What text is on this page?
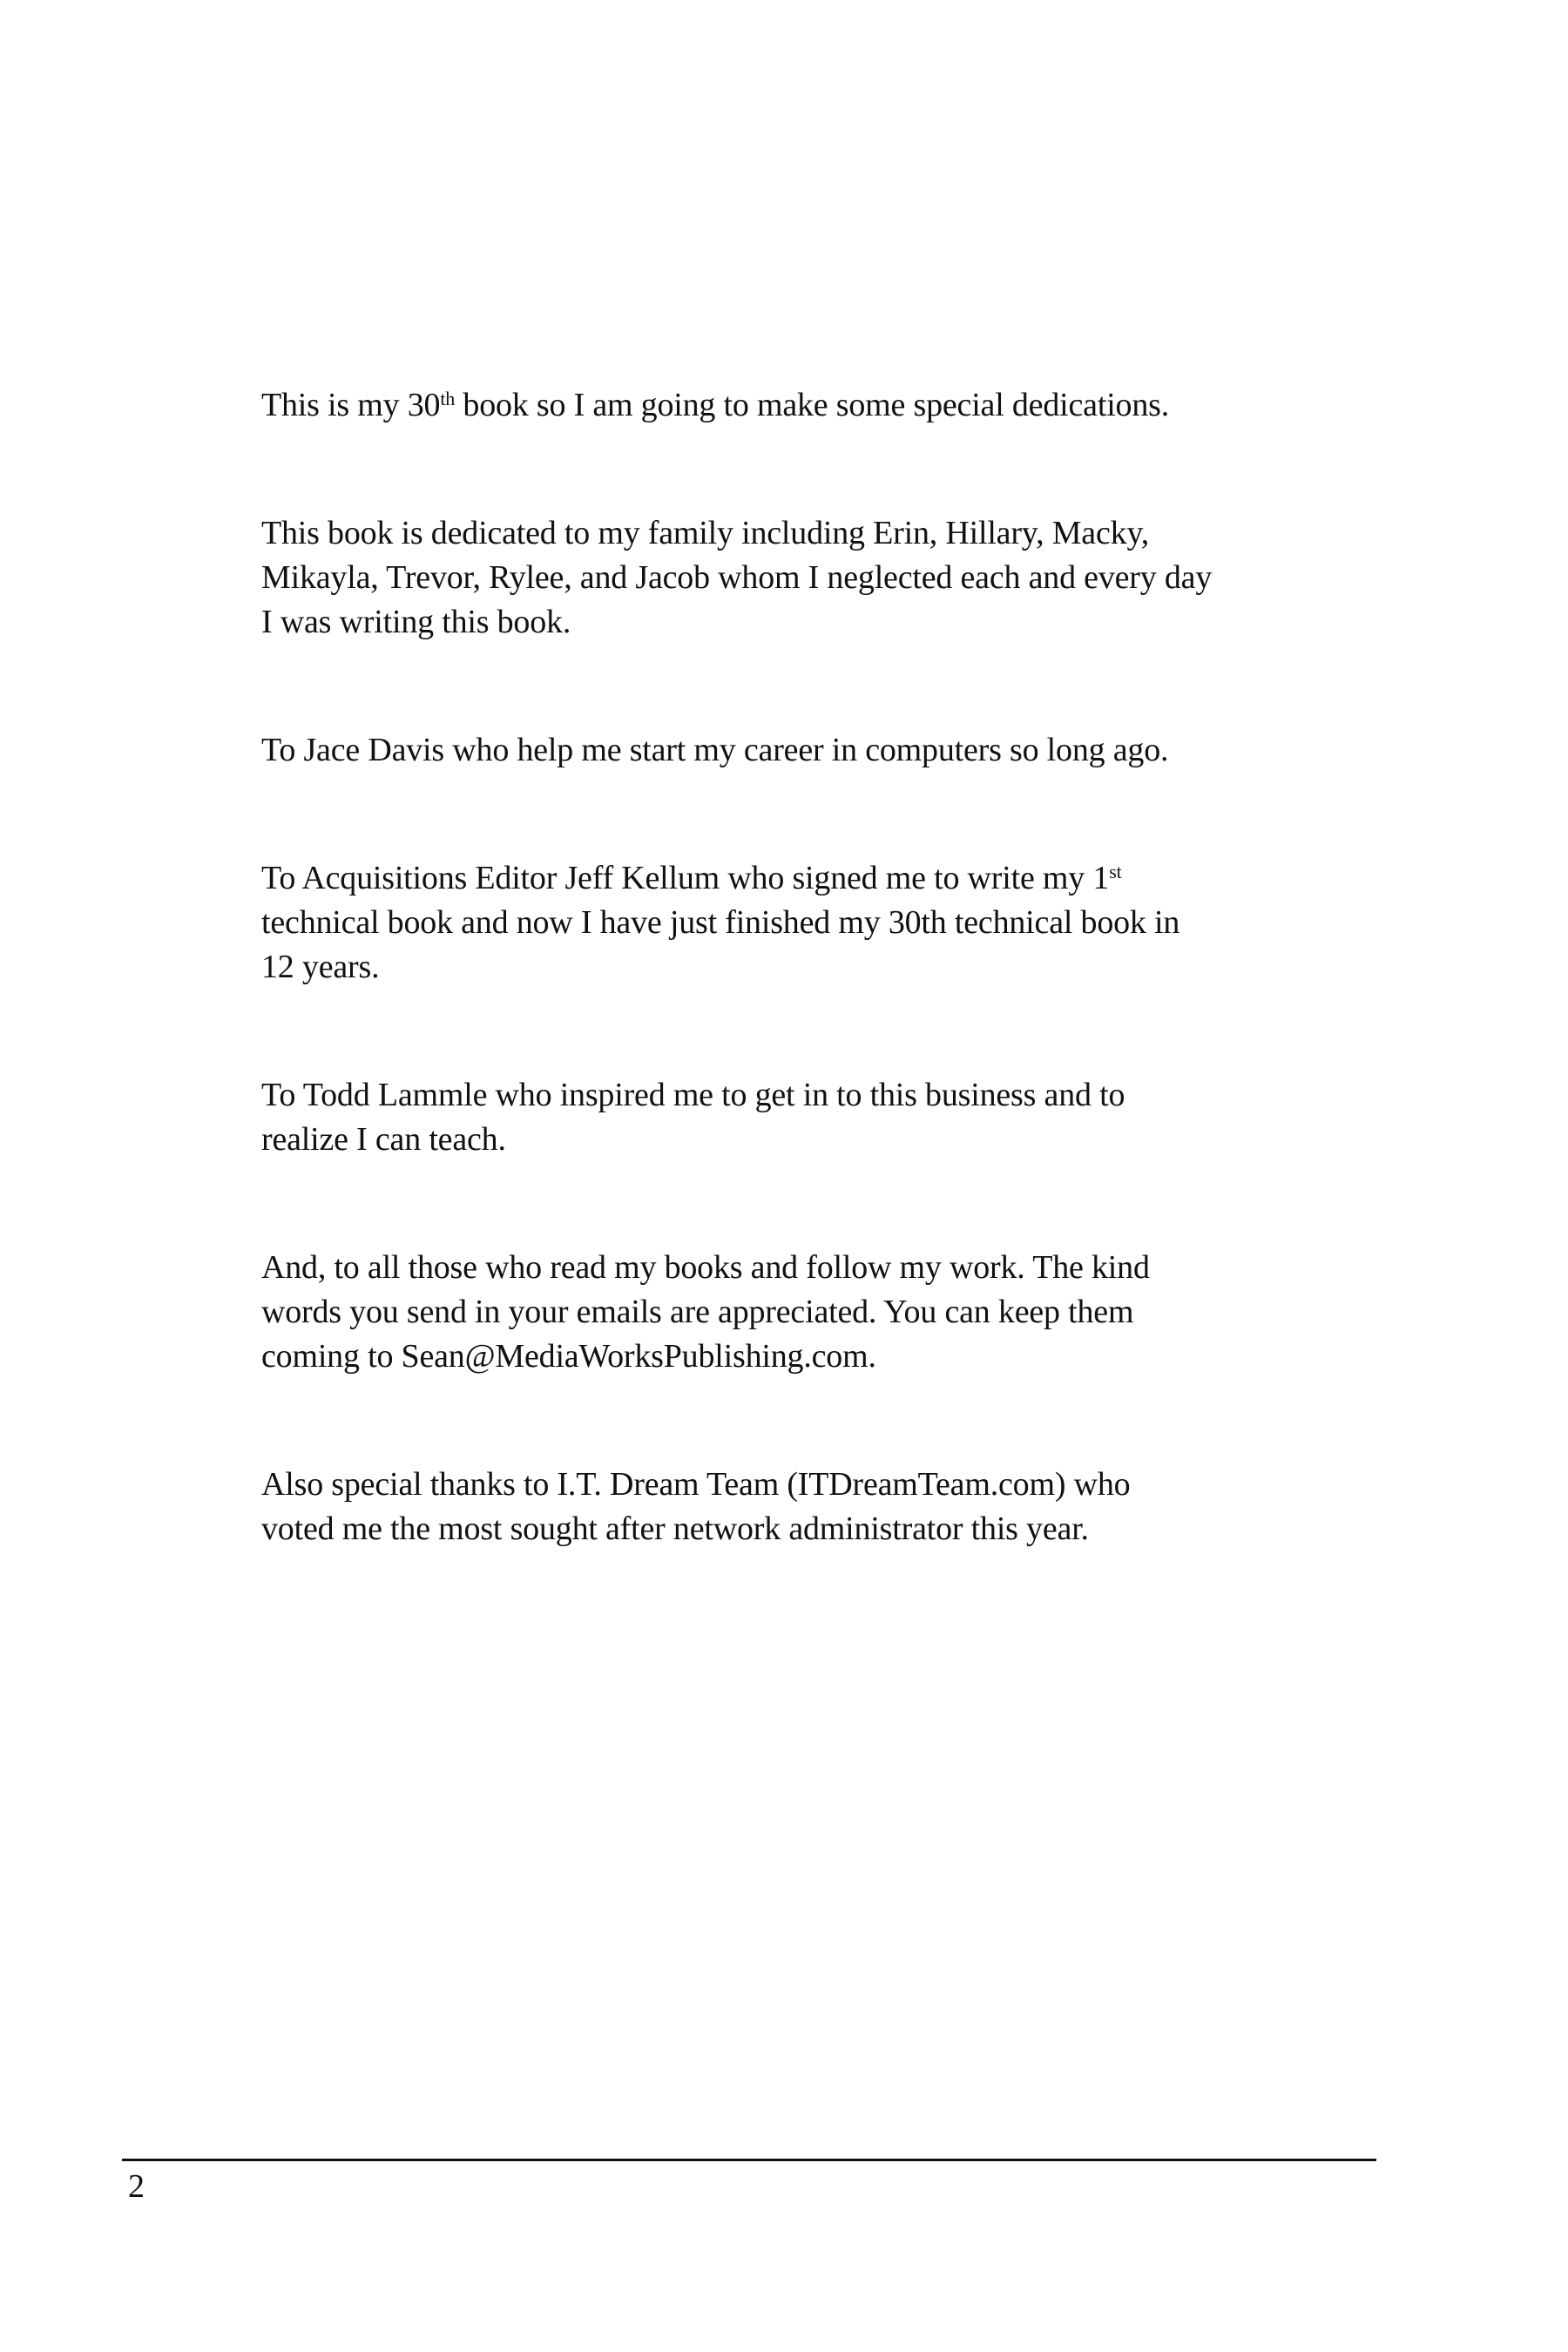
This is my 30th book so I am going to make some special dedications.

This book is dedicated to my family including Erin, Hillary, Macky,
Mikayla, Trevor, Rylee, and Jacob whom I neglected each and every day
I was writing this book.

To Jace Davis who help me start my career in computers so long ago.

To Acquisitions Editor Jeff Kellum who signed me to write my 1st
technical book and now I have just finished my 30th technical book in
12 years.

To Todd Lammle who inspired me to get in to this business and to
realize I can teach.

And, to all those who read my books and follow my work. The kind
words you send in your emails are appreciated. You can keep them
coming to Sean@MediaWorksPublishing.com.

Also special thanks to I.T. Dream Team (ITDreamTeam.com) who
voted me the most sought after network administrator this year.

2
